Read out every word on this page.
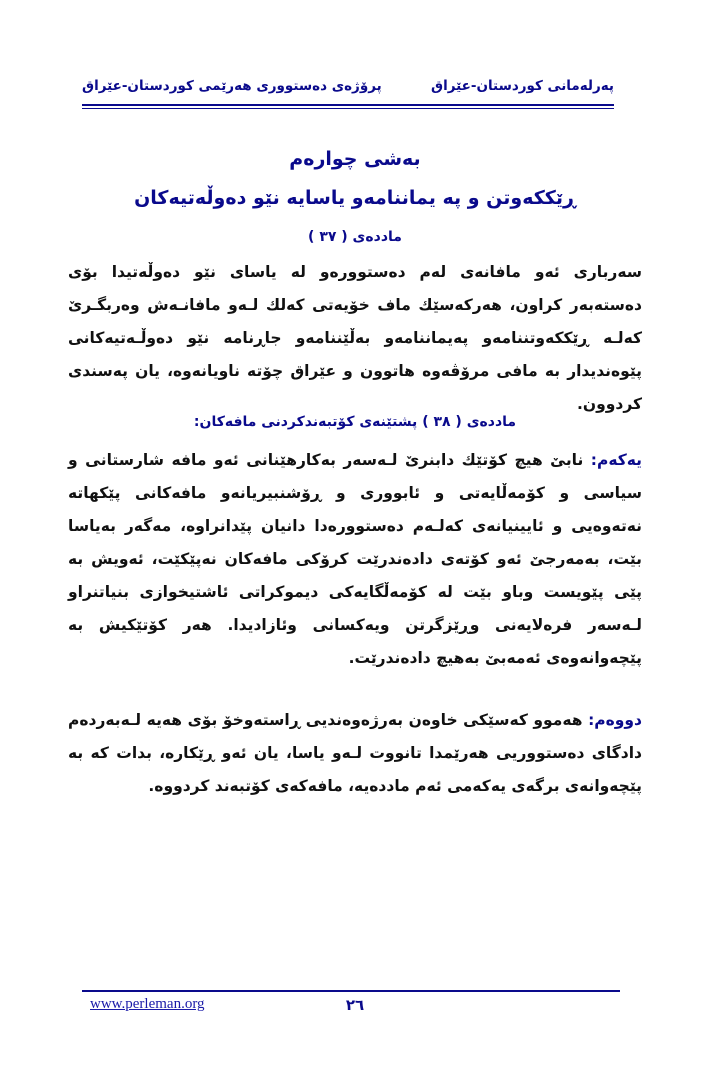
پەرلەمانی کوردستان-عێراق
پرۆژەی دەستووری هەرێمی کوردستان-عێراق
بەشی چوارەم
ڕێککەوتن و پە یماننامەو یاسایە نێو دەوڵەتیەکان
ماددەی ( ٣٧ )
سەرباری ئەو مافانەی لەم دەستوورەو لە یاسای نێو دەوڵەتیدا بۆی دەستەبەر کراون، هەرکەسێك ماف خۆیەتی کەلك لـەو مافانـەش وەربگـرێ کەلـە ڕێککەوتننامەو پەیماننامەو بەڵێننامەو جاڕنامە نێو دەوڵـەتیەکانی پێوەندیدار بە مافی مرۆڤەوە هاتوون و عێراق چۆتە ناویانەوە، یان پەسندی کردوون.
ماددەی ( ٣٨ ) پشتێنەی کۆتبەندکردنی مافەکان:
یەکەم: نابێ هیچ کۆتێك دابنرێ لـەسەر بەکارهێنانی ئەو مافە شارستانی و سیاسی و کۆمەڵایەتی و ئابووری و ڕۆشنبیریانەو مافەکانی پێکهاتە نەتەوەیی و ئایینیانەی کەلـەم دەستوورەدا دانیان پێدانراوە، مەگەر بەیاسا بێت، بەمەرجێ ئەو کۆتەی دادەندرێت کرۆکی مافەکان نەپێکێت، ئەویش بە پێی پێویست وباو بێت لە کۆمەڵگایەکی دیموکراتی ئاشتیخوازی بنیاتنراو لـەسەر فرەلایەنی وڕێزگرتن ویەکسانی وئازادیدا. هەر کۆتێکیش بە پێچەوانەوەی ئەمەبێ بەهیچ دادەندرێت.
دووەم: هەموو کەسێکی خاوەن بەرژەوەندیی ڕاستەوخۆ بۆی هەیە لـەبەردەم دادگای دەستووریی هەرێمدا تانووت لـەو یاسا، یان ئەو ڕێکارە، بدات کە بە پێچەوانەی برگەی یەکەمی ئەم ماددەیە، مافەکەی کۆتبەند کردووە.
www.perleman.org	٢٦
